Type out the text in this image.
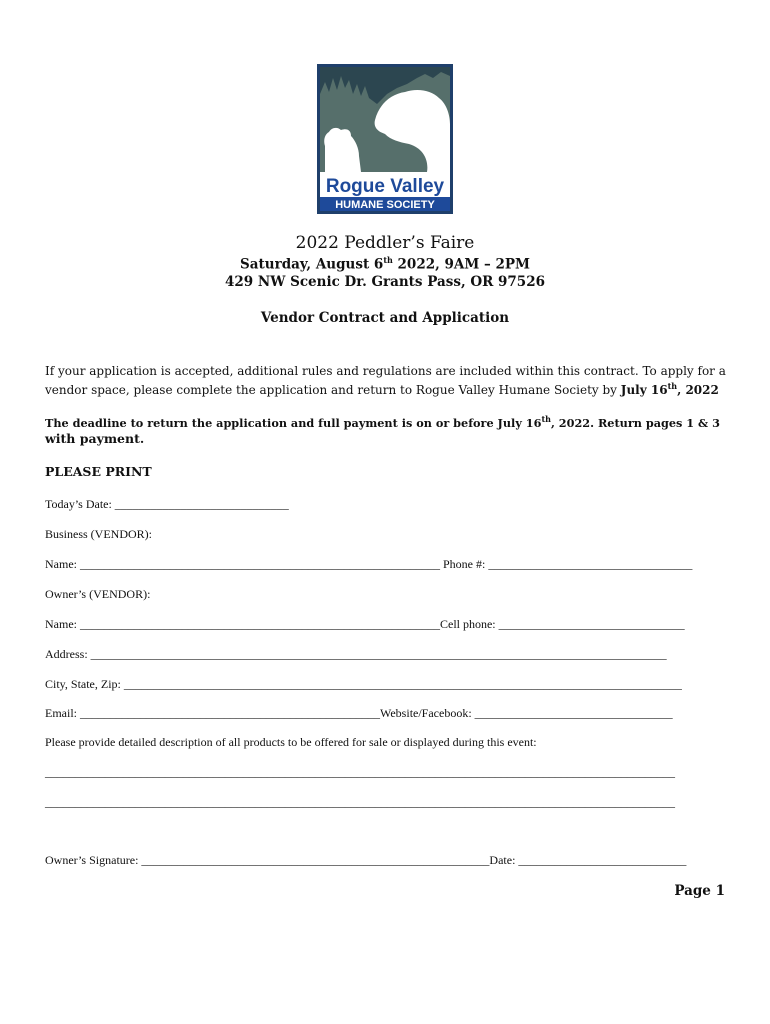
Rogue Valley
HUMANE SOCIETY
2022 Peddler’s Faire
Saturday, August 6th 2022, 9AM – 2PM
429 NW Scenic Dr. Grants Pass, OR 97526
Vendor Contract and Application
If your application is accepted, additional rules and regulations are included within this contract. To apply for a
vendor space, please complete the application and return to Rogue Valley Humane Society by July 16th, 2022
The deadline to return the application and full payment is on or before July 16th, 2022. Return pages 1 & 3
with payment.
PLEASE PRINT
Today’s Date: _____________________________
Business (VENDOR):
Name: ____________________________________________________________ Phone #: __________________________________
Owner’s (VENDOR):
Name: ____________________________________________________________Cell phone: _______________________________
Address: ________________________________________________________________________________________________
City, State, Zip: _____________________________________________________________________________________________
Email: __________________________________________________Website/Facebook: _________________________________
Please provide detailed description of all products to be offered for sale or displayed during this event:
_________________________________________________________________________________________________________
_________________________________________________________________________________________________________
Owner’s Signature: __________________________________________________________Date: ____________________________
Page 1
